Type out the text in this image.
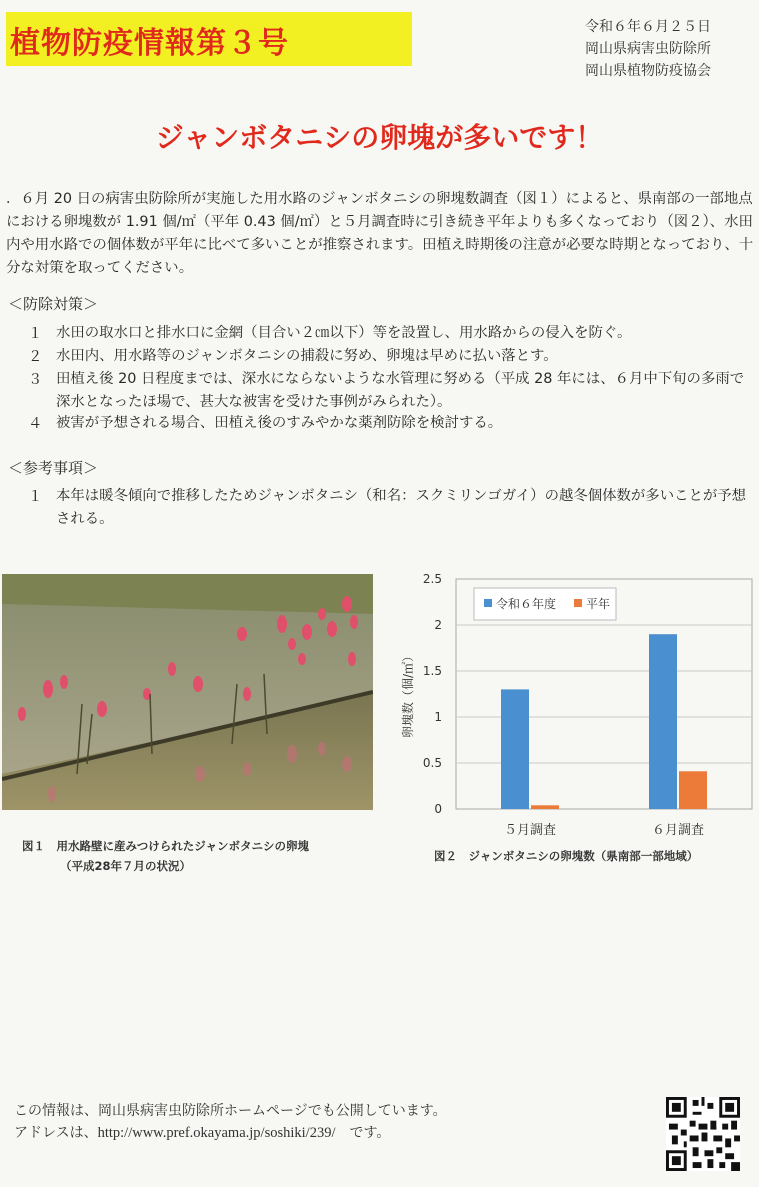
植物防疫情報第３号	令和６年６月２５日
岡山県病害虫防除所
岡山県植物防疫協会
ジャンボタニシの卵塊が多いです！
．６月 20 日の病害虫防除所が実施した用水路のジャンボタニシの卵塊数調査（図１）によると、県南部の一部地点における卵塊数が 1.91 個/㎡（平年 0.43 個/㎡）と５月調査時に引き続き平年よりも多くなっており（図２）、水田内や用水路での個体数が平年に比べて多いことが推察されます。田植え時期後の注意が必要な時期となっており、十分な対策を取ってください。
＜防除対策＞
１ 水田の取水口と排水口に金網（目合い２㎝以下）等を設置し、用水路からの侵入を防ぐ。
２ 水田内、用水路等のジャンボタニシの捕殺に努め、卵塊は早めに払い落とす。
３ 田植え後 20 日程度までは、深水にならないような水管理に努める（平成 28 年には、６月中下旬の多雨で深水となったほ場で、甚大な被害を受けた事例がみられた）。
４ 被害が予想される場合、田植え後のすみやかな薬剤防除を検討する。
＜参考事項＞
１ 本年は暖冬傾向で推移したためジャンボタニシ（和名：スクミリンゴガイ）の越冬個体数が多いことが予想される。
図１　用水路壁に産みつけられたジャンボタニシの卵塊
（平成28年７月の状況）
0
0.5
1
1.5
2
2.5
５月調査	６月調査
卵塊数（個/㎡）
令和６年度 平年
図２　ジャンボタニシの卵塊数（県南部一部地域）
この情報は、岡山県病害虫防除所ホームページでも公開しています。
アドレスは、http://www.pref.okayama.jp/soshiki/239/　です。
